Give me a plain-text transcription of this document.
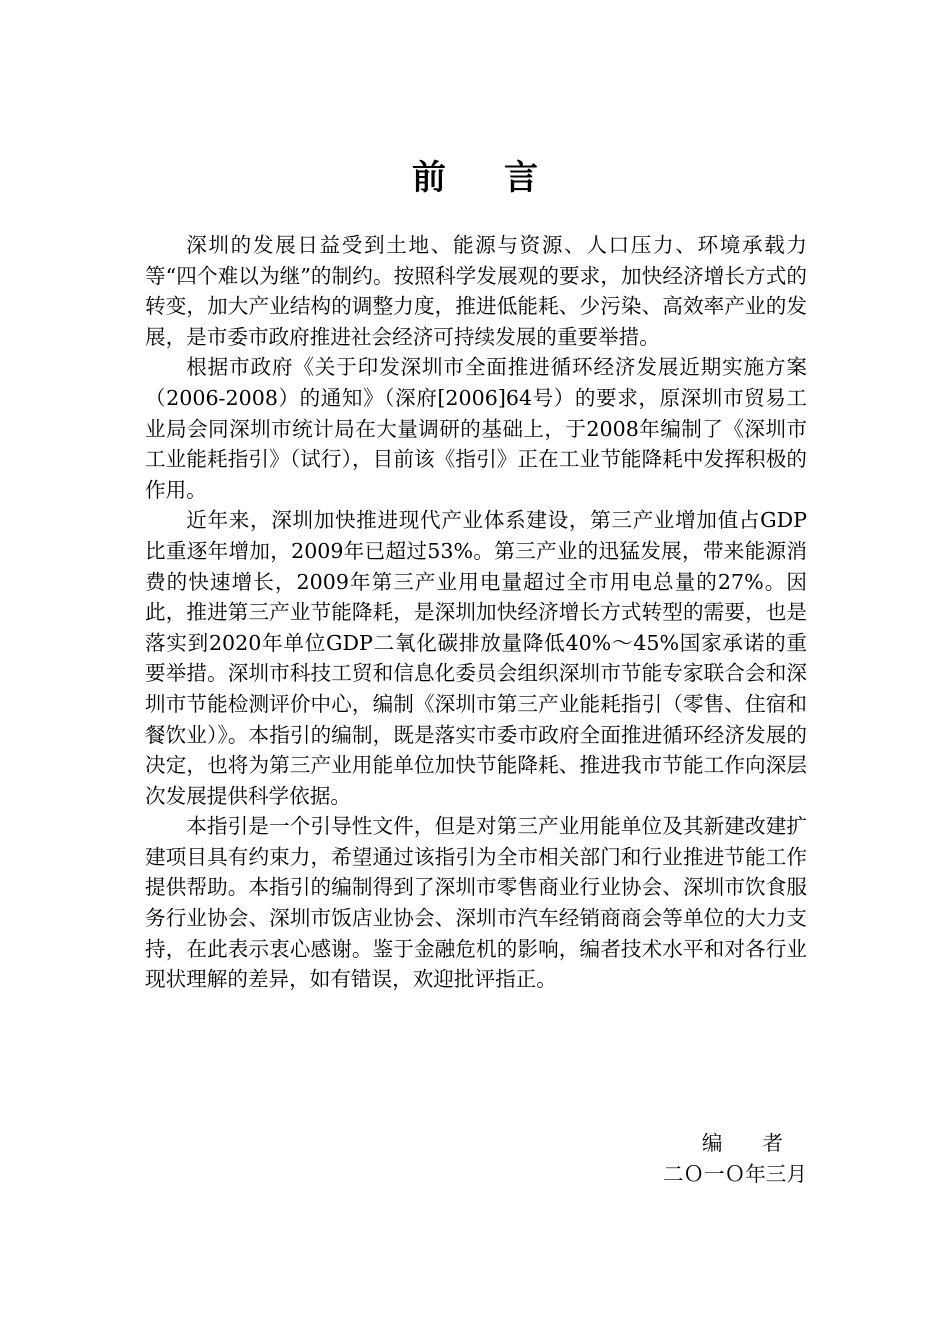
前言

深圳的发展日益受到土地、能源与资源、人口压力、环境承载力等“四个难以为继”的制约。按照科学发展观的要求，加快经济增长方式的转变，加大产业结构的调整力度，推进低能耗、少污染、高效率产业的发展，是市委市政府推进社会经济可持续发展的重要举措。

根据市政府《关于印发深圳市全面推进循环经济发展近期实施方案（2006-2008）的通知》（深府[2006]64号）的要求，原深圳市贸易工业局会同深圳市统计局在大量调研的基础上，于2008年编制了《深圳市工业能耗指引》（试行），目前该《指引》正在工业节能降耗中发挥积极的作用。

近年来，深圳加快推进现代产业体系建设，第三产业增加值占GDP比重逐年增加，2009年已超过53%。第三产业的迅猛发展，带来能源消费的快速增长，2009年第三产业用电量超过全市用电总量的27%。因此，推进第三产业节能降耗，是深圳加快经济增长方式转型的需要，也是落实到2020年单位GDP二氧化碳排放量降低40%～45%国家承诺的重要举措。深圳市科技工贸和信息化委员会组织深圳市节能专家联合会和深圳市节能检测评价中心，编制《深圳市第三产业能耗指引（零售、住宿和餐饮业）》。本指引的编制，既是落实市委市政府全面推进循环经济发展的决定，也将为第三产业用能单位加快节能降耗、推进我市节能工作向深层次发展提供科学依据。

本指引是一个引导性文件，但是对第三产业用能单位及其新建改建扩建项目具有约束力，希望通过该指引为全市相关部门和行业推进节能工作提供帮助。本指引的编制得到了深圳市零售商业行业协会、深圳市饮食服务行业协会、深圳市饭店业协会、深圳市汽车经销商商会等单位的大力支持，在此表示衷心感谢。鉴于金融危机的影响，编者技术水平和对各行业现状理解的差异，如有错误，欢迎批评指正。

编者
二Ｏ一Ｏ年三月
